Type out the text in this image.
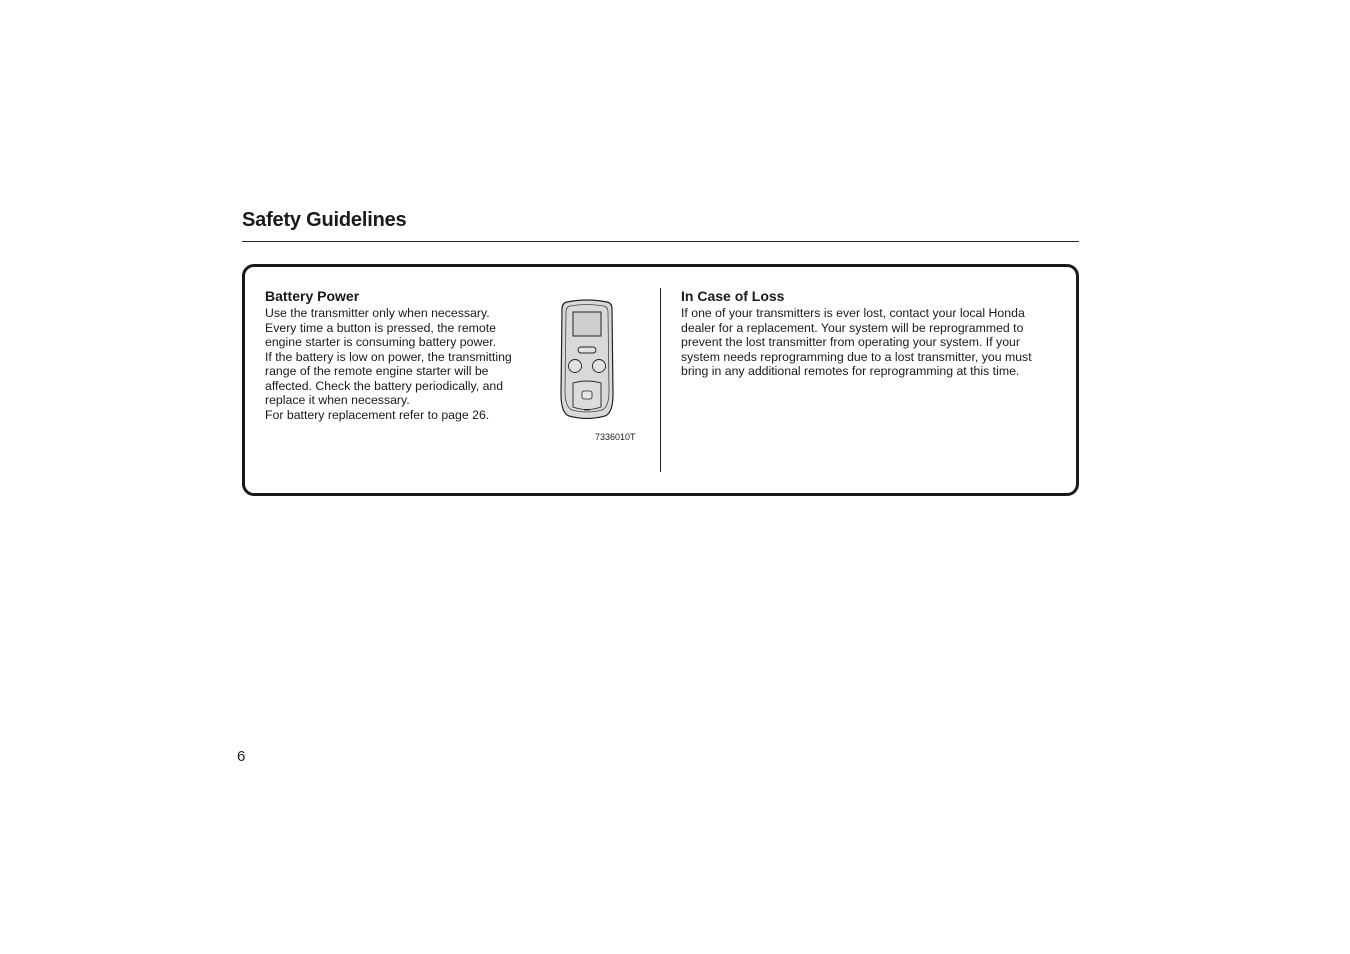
Safety Guidelines
Battery Power

Use the transmitter only when necessary.
Every time a button is pressed, the remote
engine starter is consuming battery power.
If the battery is low on power, the transmitting
range of the remote engine starter will be
affected. Check the battery periodically, and
replace it when necessary.
For battery replacement refer to page 26.

7336010T

In Case of Loss

If one of your transmitters is ever lost, contact your local Honda
dealer for a replacement. Your system will be reprogrammed to
prevent the lost transmitter from operating your system. If your
system needs reprogramming due to a lost transmitter, you must
bring in any additional remotes for reprogramming at this time.

6
